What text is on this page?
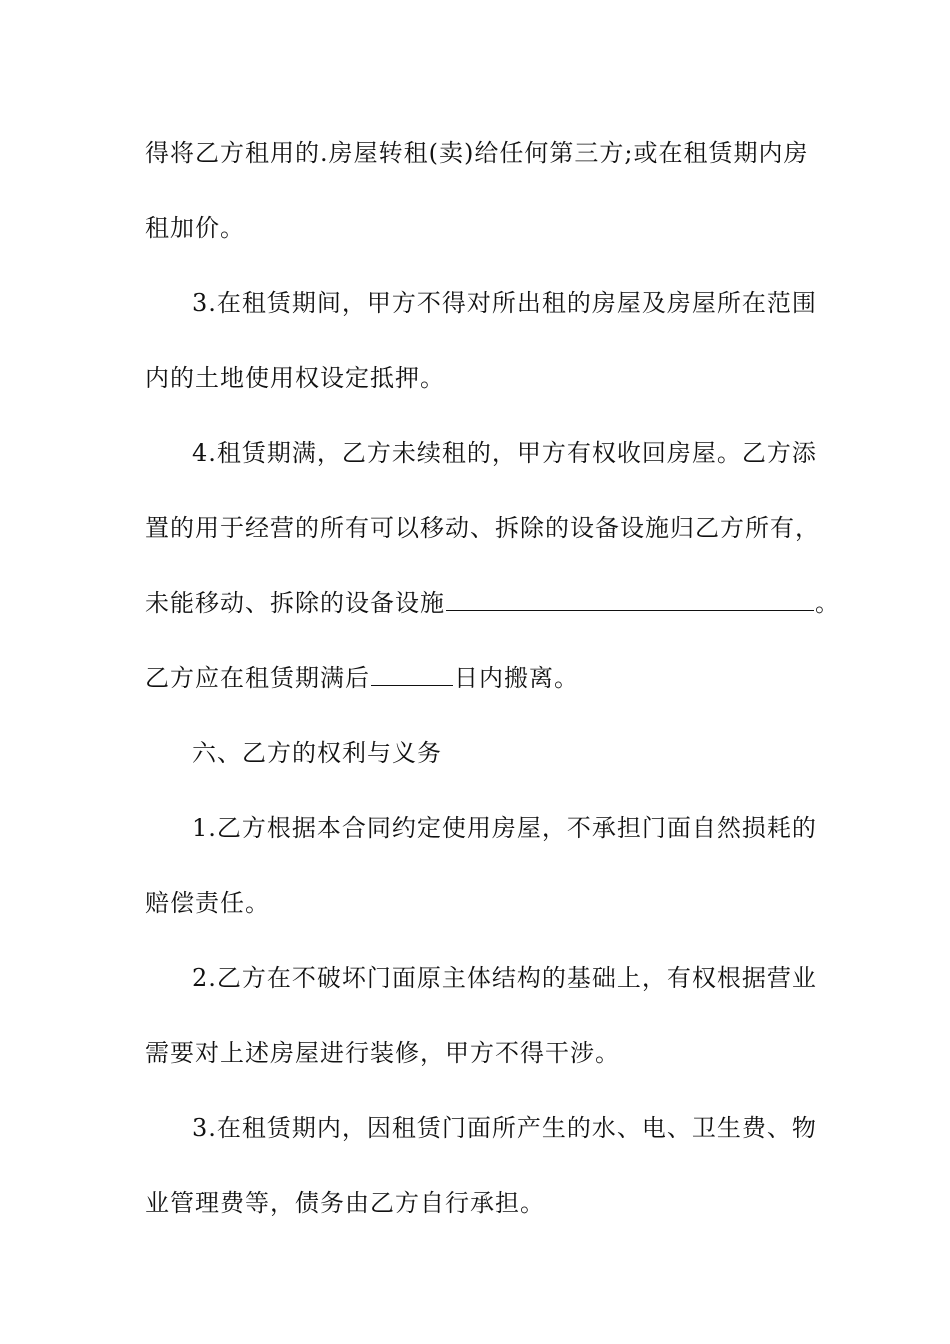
得将乙方租用的.房屋转租(卖)给任何第三方;或在租赁期内房
租加价。
3.在租赁期间，甲方不得对所出租的房屋及房屋所在范围
内的土地使用权设定抵押。
4.租赁期满，乙方未续租的，甲方有权收回房屋。乙方添
置的用于经营的所有可以移动、拆除的设备设施归乙方所有，
未能移动、拆除的设备设施	。
乙方应在租赁期满后	日内搬离。
六、乙方的权利与义务
1.乙方根据本合同约定使用房屋，不承担门面自然损耗的
赔偿责任。
2.乙方在不破坏门面原主体结构的基础上，有权根据营业
需要对上述房屋进行装修，甲方不得干涉。
3.在租赁期内，因租赁门面所产生的水、电、卫生费、物
业管理费等，债务由乙方自行承担。
